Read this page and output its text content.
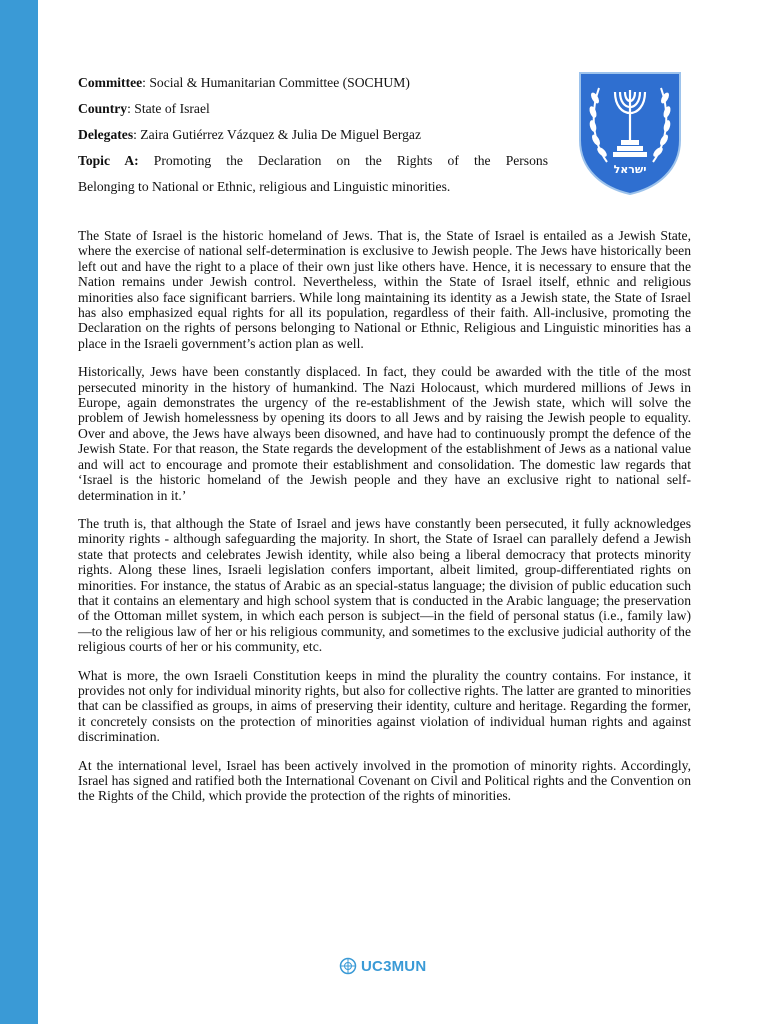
Committee: Social & Humanitarian Committee (SOCHUM)

Country: State of Israel

Delegates: Zaira Gutiérrez Vázquez & Julia De Miguel Bergaz

Topic A: Promoting the Declaration on the Rights of the Persons

Belonging to National or Ethnic, religious and Linguistic minorities.

ישראל

The State of Israel is the historic homeland of Jews. That is, the State of Israel is entailed as a Jewish State, where the exercise of national self-determination is exclusive to Jewish people. The Jews have historically been left out and have the right to a place of their own just like others have. Hence, it is necessary to ensure that the Nation remains under Jewish control. Nevertheless, within the State of Israel itself, ethnic and religious minorities also face significant barriers. While long maintaining its identity as a Jewish state, the State of Israel has also emphasized equal rights for all its population, regardless of their faith. All-inclusive, promoting the Declaration on the rights of persons belonging to National or Ethnic, Religious and Linguistic minorities has a place in the Israeli government’s action plan as well.

Historically, Jews have been constantly displaced. In fact, they could be awarded with the title of the most persecuted minority in the history of humankind. The Nazi Holocaust, which murdered millions of Jews in Europe, again demonstrates the urgency of the re-establishment of the Jewish state, which will solve the problem of Jewish homelessness by opening its doors to all Jews and by raising the Jewish people to equality. Over and above, the Jews have always been disowned, and have had to continuously prompt the defence of the Jewish State. For that reason, the State regards the development of the establishment of Jews as a national value and will act to encourage and promote their establishment and consolidation. The domestic law regards that ‘Israel is the historic homeland of the Jewish people and they have an exclusive right to national self-determination in it.’

The truth is, that although the State of Israel and jews have constantly been persecuted, it fully acknowledges minority rights - although safeguarding the majority. In short, the State of Israel can parallely defend a Jewish state that protects and celebrates Jewish identity, while also being a liberal democracy that protects minority rights. Along these lines, Israeli legislation confers important, albeit limited, group-differentiated rights on minorities. For instance, the status of Arabic as an special-status language; the division of public education such that it contains an elementary and high school system that is conducted in the Arabic language; the preservation of the Ottoman millet system, in which each person is subject—in the field of personal status (i.e., family law)—to the religious law of her or his religious community, and sometimes to the exclusive judicial authority of the religious courts of her or his community, etc.

What is more, the own Israeli Constitution keeps in mind the plurality the country contains. For instance, it provides not only for individual minority rights, but also for collective rights. The latter are granted to minorities that can be classified as groups, in aims of preserving their identity, culture and heritage. Regarding the former, it concretely consists on the protection of minorities against violation of individual human rights and against discrimination.

At the international level, Israel has been actively involved in the promotion of minority rights. Accordingly, Israel has signed and ratified both the International Covenant on Civil and Political rights and the Convention on the Rights of the Child, which provide the protection of the rights of minorities.

UC3MUN
